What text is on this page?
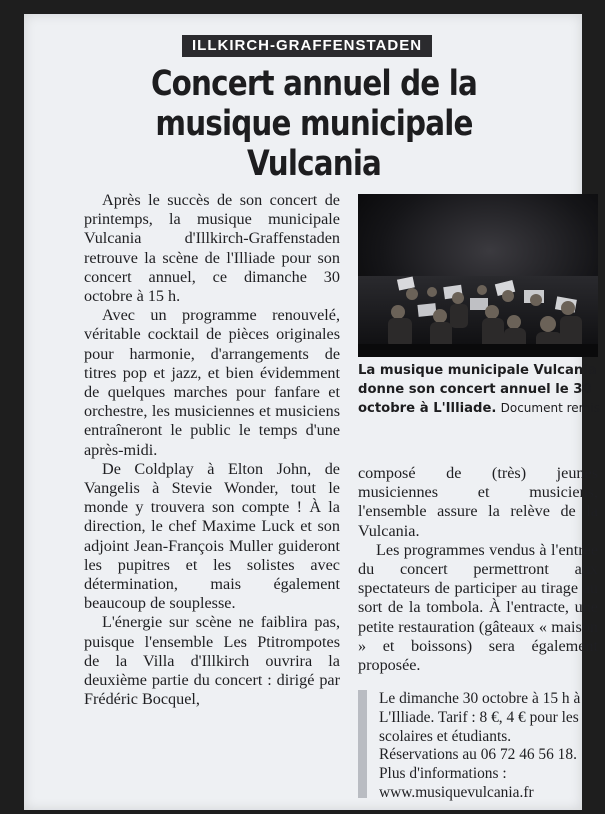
ILLKIRCH-GRAFFENSTADEN
Concert annuel de la musique municipale Vulcania

Après le succès de son concert de printemps, la musique municipale Vulcania d'Illkirch-Graffenstaden retrouve la scène de l'Illiade pour son concert annuel, ce dimanche 30 octobre à 15 h.

Avec un programme renouvelé, véritable cocktail de pièces originales pour harmonie, d'arrangements de titres pop et jazz, et bien évidemment de quelques marches pour fanfare et orchestre, les musiciennes et musiciens entraîneront le public le temps d'une après-midi.

De Coldplay à Elton John, de Vangelis à Stevie Wonder, tout le monde y trouvera son compte ! À la direction, le chef Maxime Luck et son adjoint Jean-François Muller guideront les pupitres et les solistes avec détermination, mais également beaucoup de souplesse.

L'énergie sur scène ne faiblira pas, puisque l'ensemble Les Ptitrompotes de la Villa d'Illkirch ouvrira la deuxième partie du concert : dirigé par Frédéric Bocquel,

La musique municipale Vulcania donne son concert annuel le 30 octobre à L'Illiade. Document remis

composé de (très) jeunes musiciennes et musiciens, l'ensemble assure la relève de la Vulcania.

Les programmes vendus à l'entrée du concert permettront aux spectateurs de participer au tirage au sort de la tombola. À l'entracte, une petite restauration (gâteaux « maison » et boissons) sera également proposée.

Le dimanche 30 octobre à 15 h à L'Illiade. Tarif : 8 €, 4 € pour les scolaires et étudiants. Réservations au 06 72 46 56 18. Plus d'informations : www.musiquevulcania.fr
